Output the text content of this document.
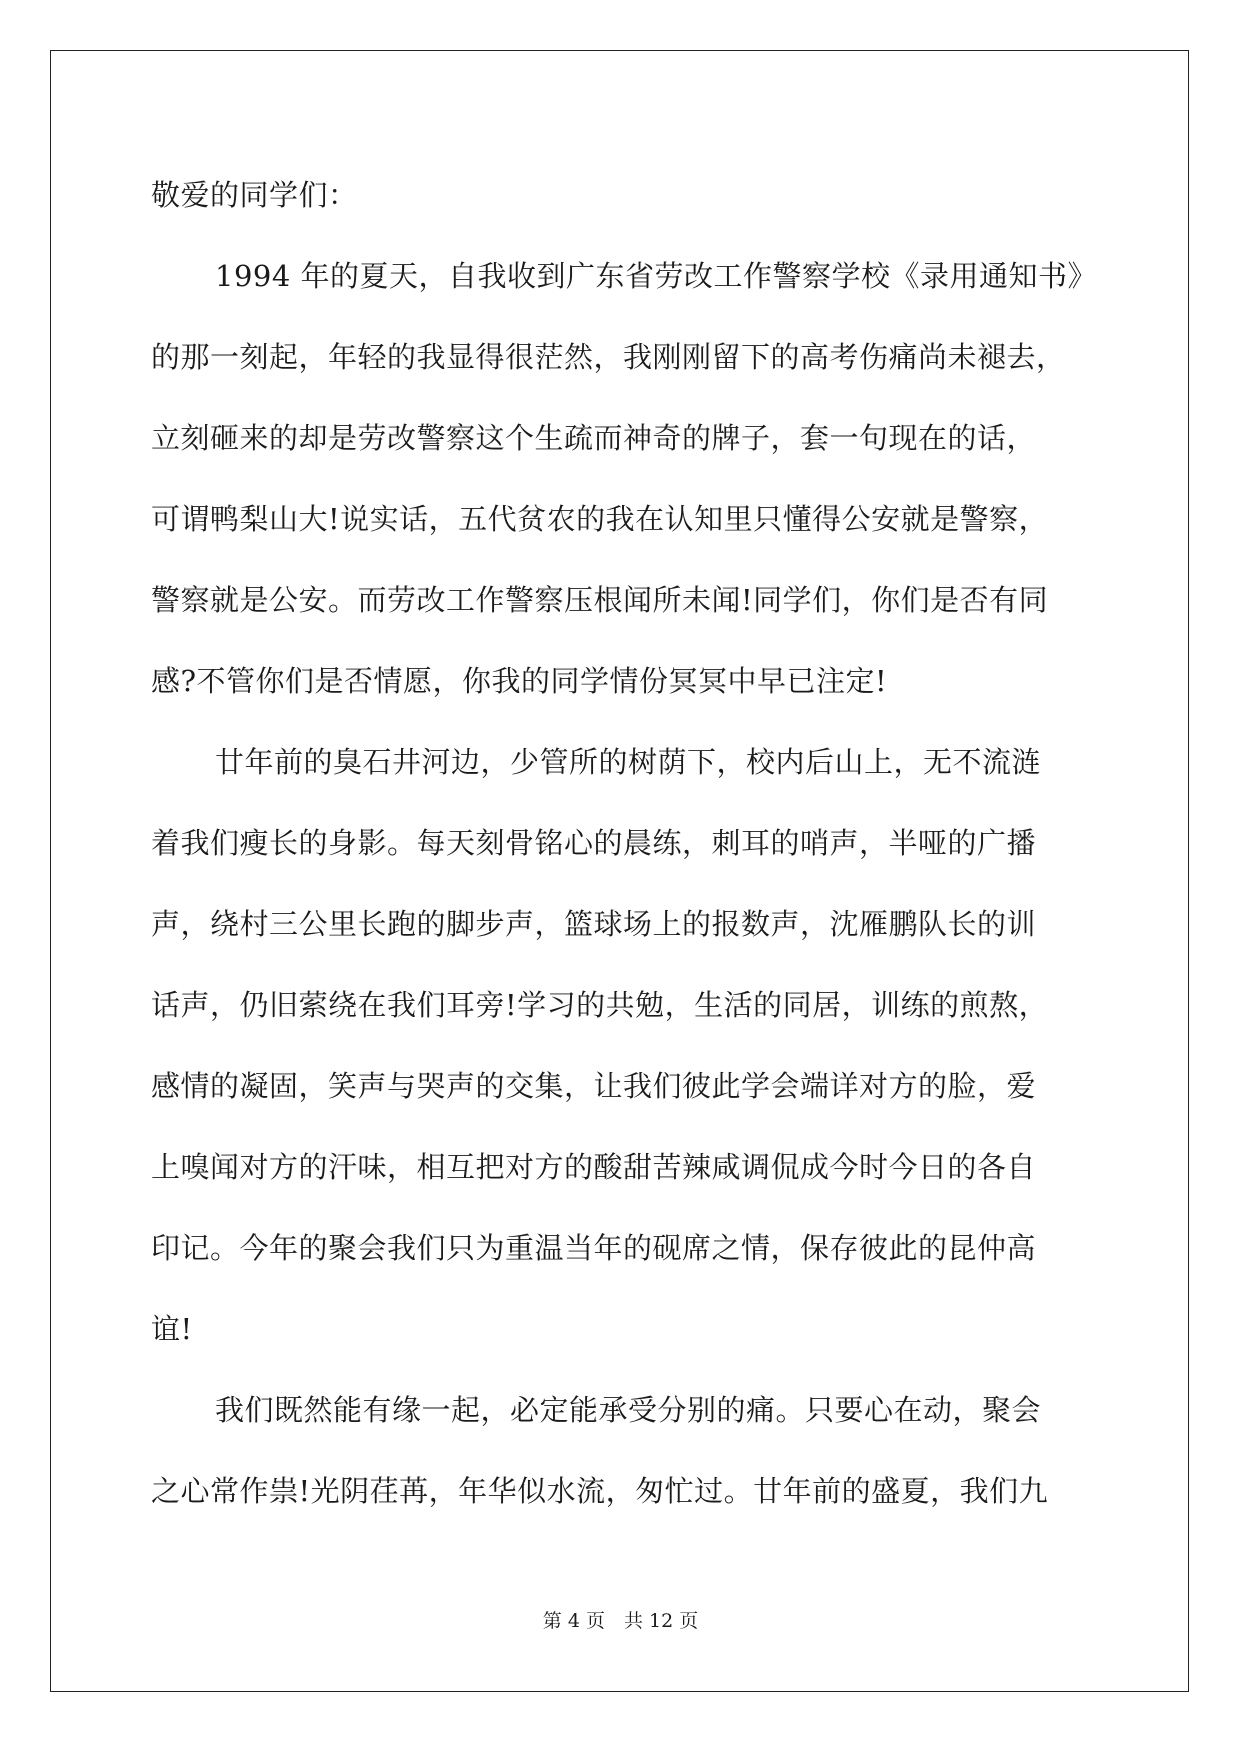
敬爱的同学们：
1994 年的夏天，自我收到广东省劳改工作警察学校《录用通知书》
的那一刻起，年轻的我显得很茫然，我刚刚留下的高考伤痛尚未褪去，
立刻砸来的却是劳改警察这个生疏而神奇的牌子，套一句现在的话，
可谓鸭梨山大!说实话，五代贫农的我在认知里只懂得公安就是警察，
警察就是公安。而劳改工作警察压根闻所未闻!同学们，你们是否有同
感?不管你们是否情愿，你我的同学情份冥冥中早已注定!
廿年前的臭石井河边，少管所的树荫下，校内后山上，无不流涟
着我们瘦长的身影。每天刻骨铭心的晨练，刺耳的哨声，半哑的广播
声，绕村三公里长跑的脚步声，篮球场上的报数声，沈雁鹏队长的训
话声，仍旧萦绕在我们耳旁!学习的共勉，生活的同居，训练的煎熬，
感情的凝固，笑声与哭声的交集，让我们彼此学会端详对方的脸，爱
上嗅闻对方的汗味，相互把对方的酸甜苦辣咸调侃成今时今日的各自
印记。今年的聚会我们只为重温当年的砚席之情，保存彼此的昆仲高
谊!
我们既然能有缘一起，必定能承受分别的痛。只要心在动，聚会
之心常作祟!光阴荏苒，年华似水流，匆忙过。廿年前的盛夏，我们九
第 4 页　共 12 页
